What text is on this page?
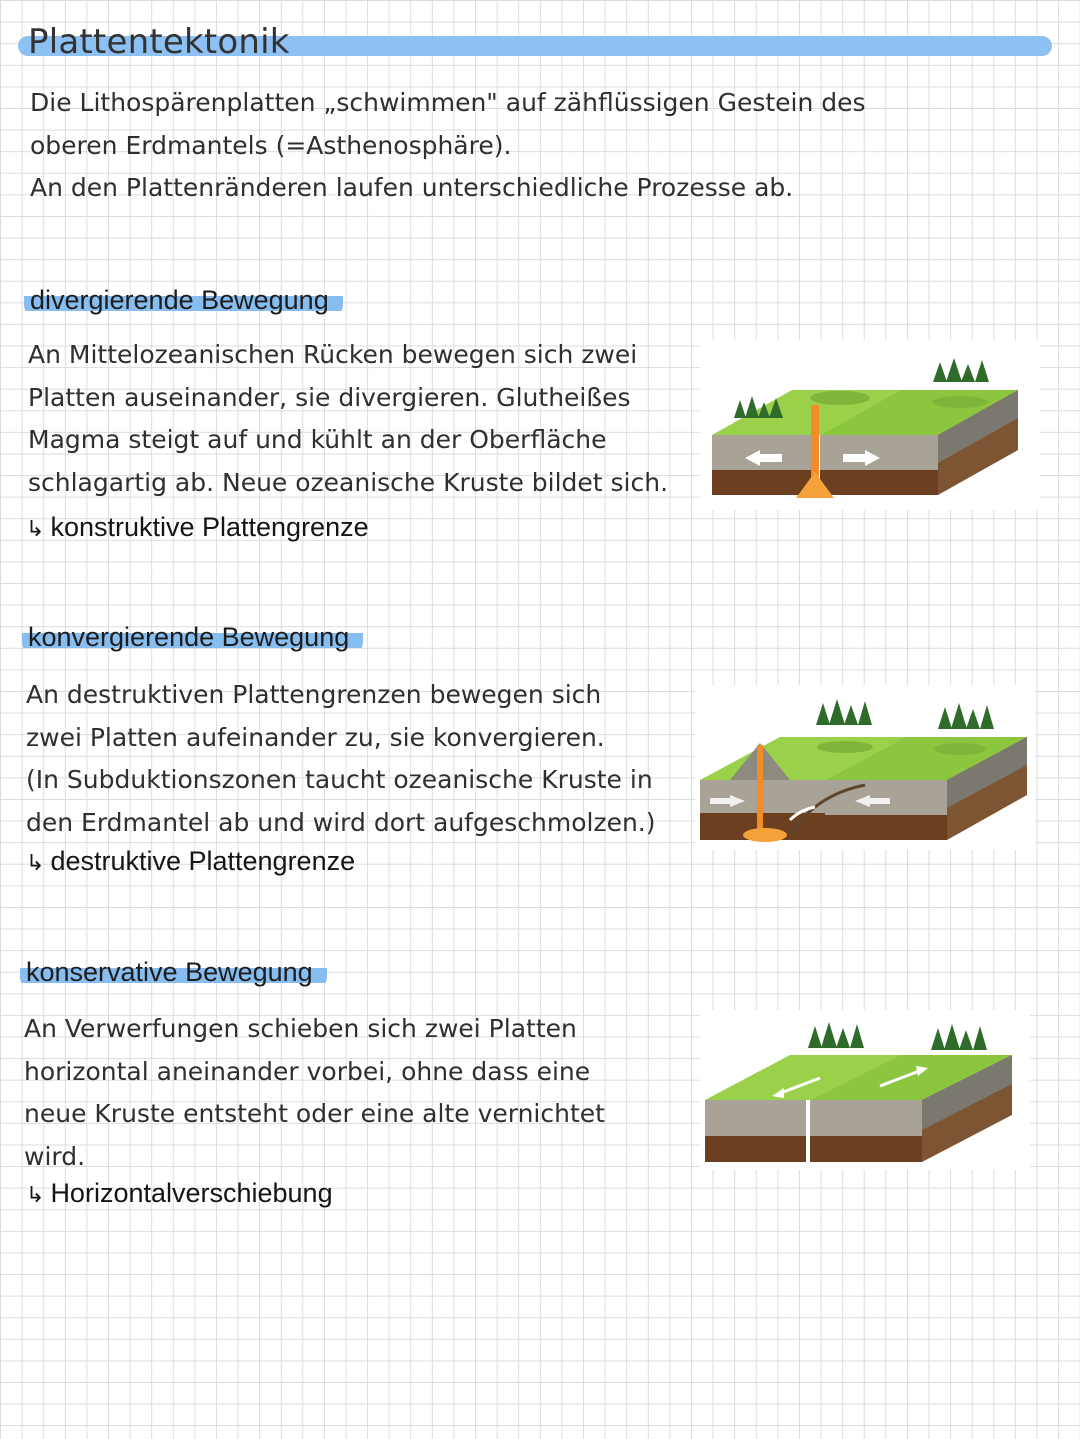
Plattentektonik

Die Lithospärenplatten „schwimmen" auf zähflüssigen Gestein des

oberen Erdmantels (=Asthenosphäre).

An den Plattenränderen laufen unterschiedliche Prozesse ab.

divergierende Bewegung

An Mittelozeanischen Rücken bewegen sich zwei

Platten auseinander, sie divergieren. Glutheißes

Magma steigt auf und kühlt an der Oberfläche

schlagartig ab. Neue ozeanische Kruste bildet sich.

↳ konstruktive Plattengrenze
konvergierende Bewegung

An destruktiven Plattengrenzen bewegen sich

zwei Platten aufeinander zu, sie konvergieren.

(In Subduktionszonen taucht ozeanische Kruste in

den Erdmantel ab und wird dort aufgeschmolzen.)

↳ destruktive Plattengrenze
konservative Bewegung

An Verwerfungen schieben sich zwei Platten

horizontal aneinander vorbei, ohne dass eine

neue Kruste entsteht oder eine alte vernichtet

wird.

↳ Horizontalverschiebung
